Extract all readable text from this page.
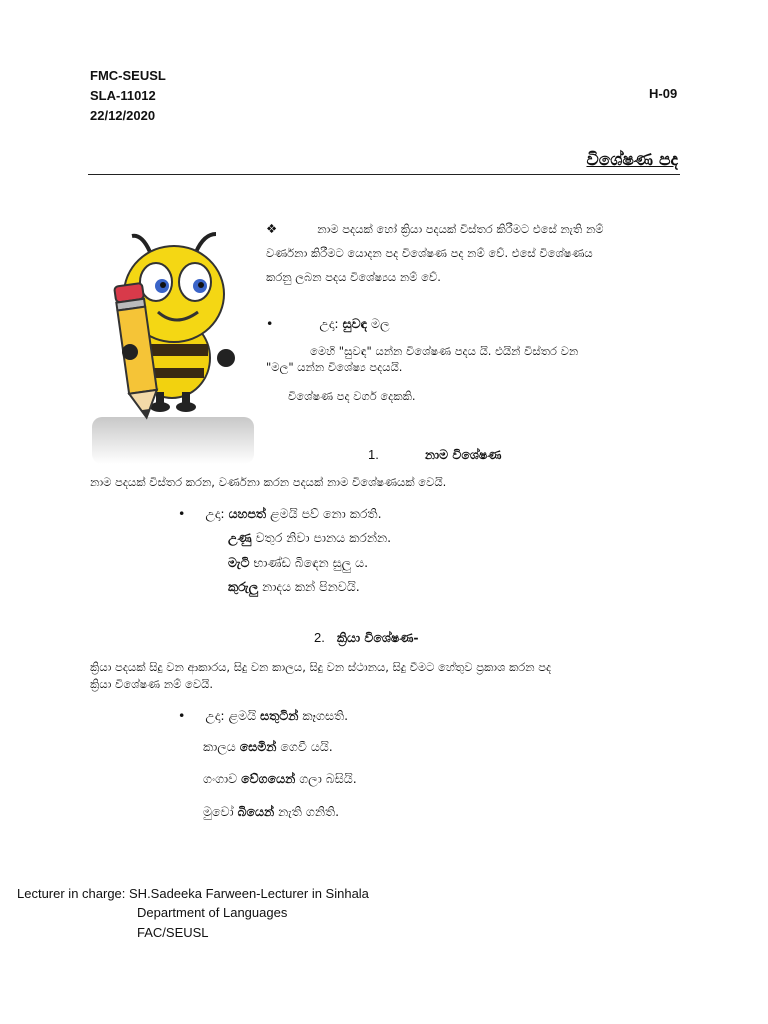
FMC-SEUSL
SLA-11012
22/12/2020
H-09
විශේෂණ පද
❖	නාම පදයක් හෝ ක්‍රියා පදයක් විස්තර කිරීමට එසේ නැති නම්
වර්ණනා කිරීමට යොදන පද විශේෂණ පද නම් වේ. එසේ විශේෂණය
කරනු ලබන පදය විශේෂ්‍යය නම් වේ.
•	උදා: සුවඳ මල
මෙහි "සුවඳ" යන්න විශේෂණ පදය යි. එයින් විස්තර වන
"මල" යන්න විශේෂ්‍ය පදයයි.
විශේෂණ පද වර්ග දෙකකි.
1.	නාම විශේෂණ
නාම පදයක් විස්තර කරන, වර්ණනා කරන පදයක් නාම විශේෂණයක් වෙයි.
• උදා: යහපත් ළමයි පව් නො කරති.
උණු වතුර නිවා පානය කරන්න.
මැටි භාණ්ඩ බිඳෙන සුලු ය.
කුරුලු නාදය කන් පිනවයි.
2. ක්‍රියා විශේෂණ-
ක්‍රියා පදයක් සිදු වන ආකාරය, සිදු වන කාලය, සිදු වන ස්ථානය, සිදු වීමට හේතුව ප්‍රකාශ කරන පද
ක්‍රියා විශේෂණ නම් වෙයි.
• උදා: ළමයි සතුටින් කෑගසති.
කාලය සෙමින් ගෙවී යයි.
ගංගාව වේගයෙන් ගලා බසියි.
මුවෝ බියෙන් නැති ගනිති.
Lecturer in charge: SH.Sadeeka Farween-Lecturer in Sinhala
Department of Languages
FAC/SEUSL
